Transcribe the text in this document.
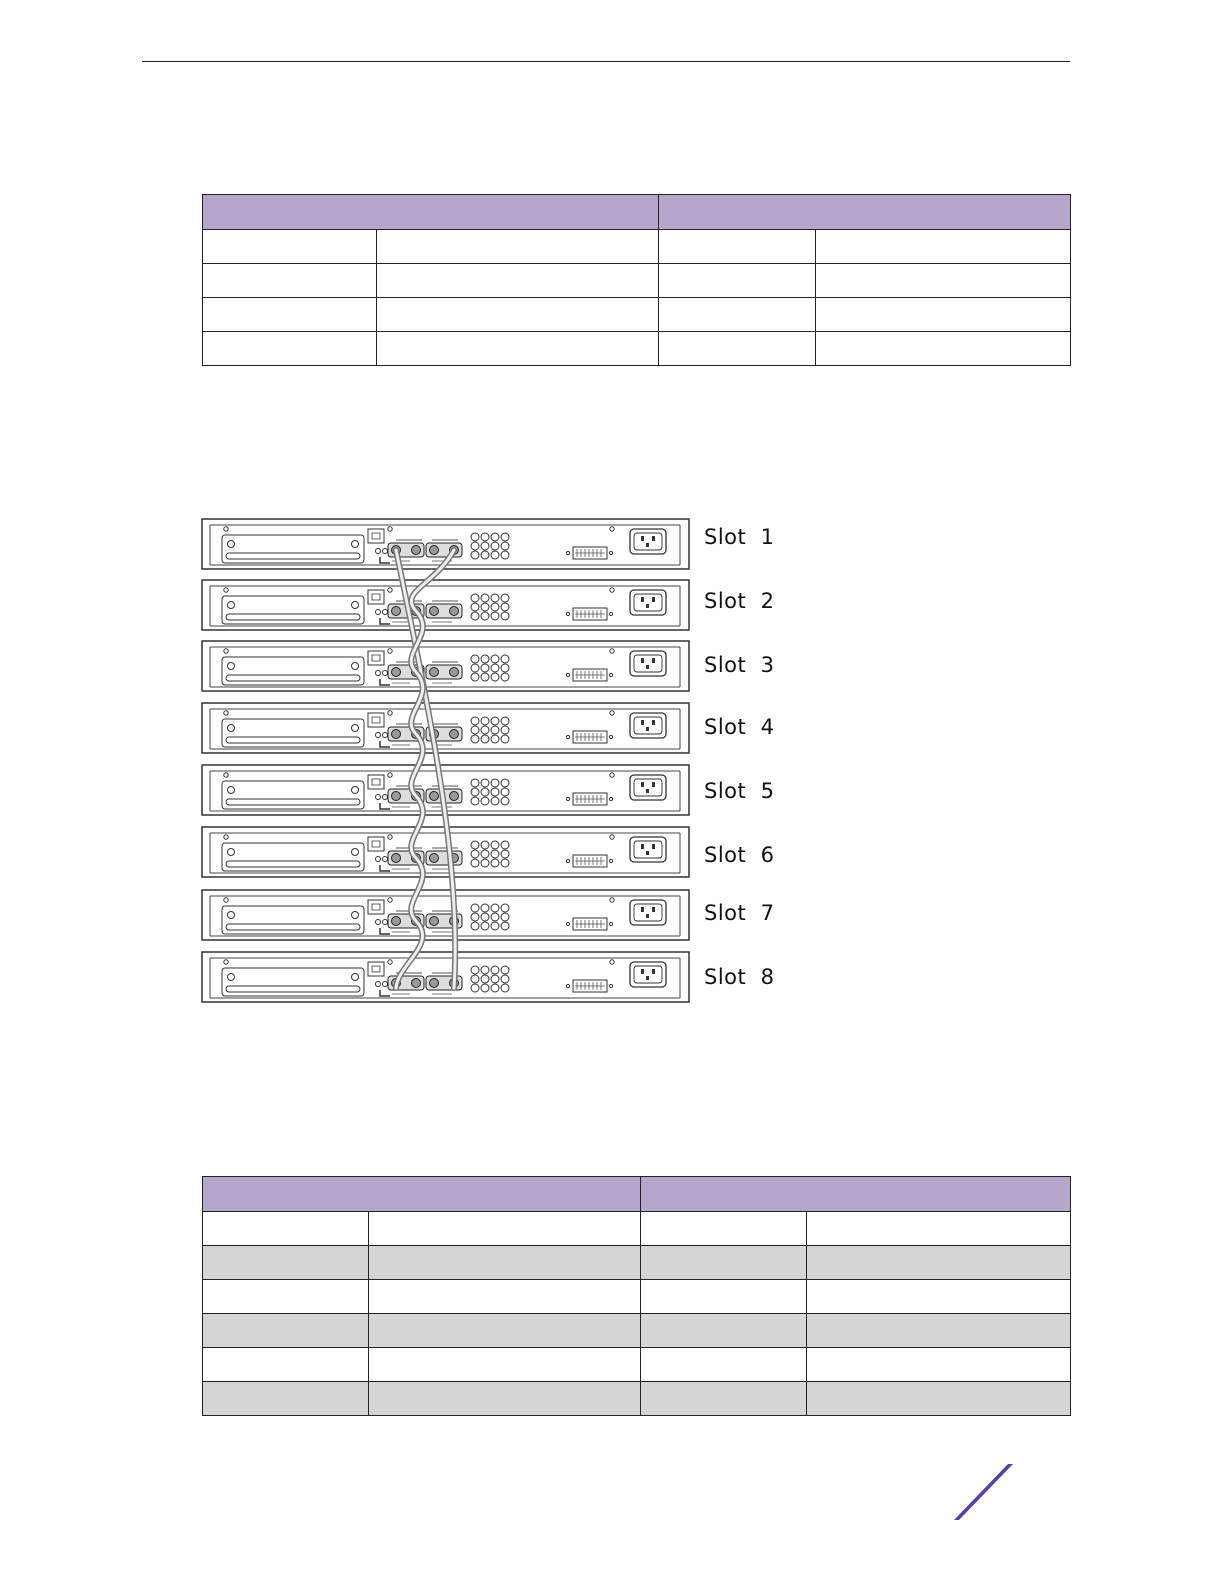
Slot  1
Slot  2
Slot  3
Slot  4
Slot  5
Slot  6
Slot  7
Slot  8
